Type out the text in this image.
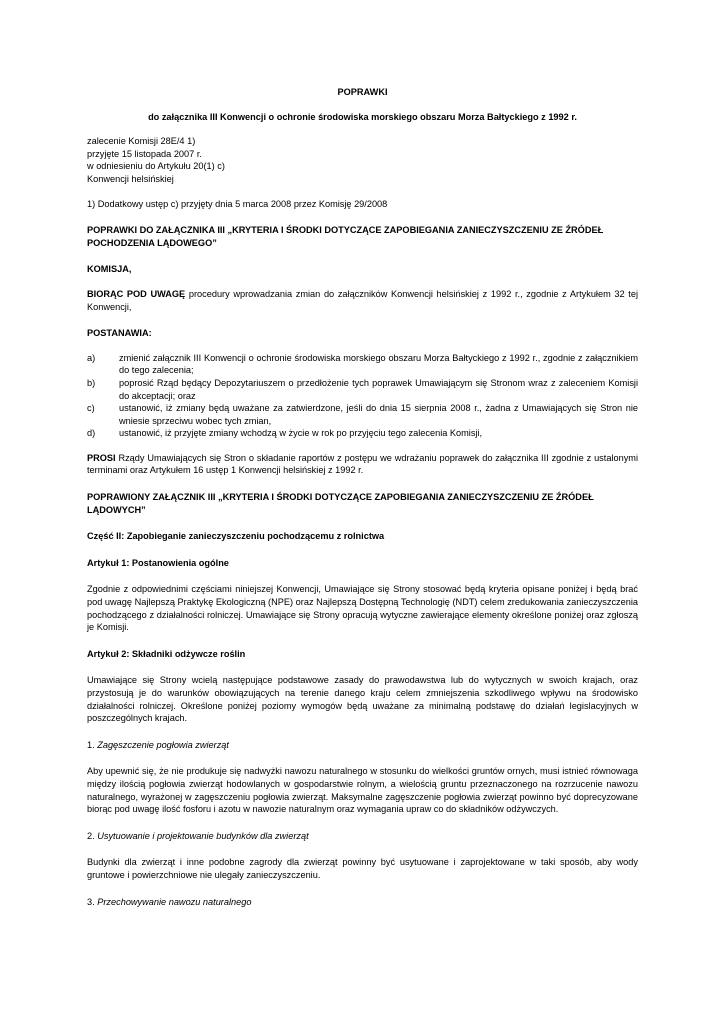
POPRAWKI

do załącznika III Konwencji o ochronie środowiska morskiego obszaru Morza Bałtyckiego z 1992 r.

zalecenie Komisji 28E/4 1)
przyjęte 15 listopada 2007 r.
w odniesieniu do Artykułu 20(1) c)
Konwencji helsińskiej

1) Dodatkowy ustęp c) przyjęty dnia 5 marca 2008 przez Komisję 29/2008

POPRAWKI DO ZAŁĄCZNIKA III „KRYTERIA I ŚRODKI DOTYCZĄCE ZAPOBIEGANIA ZANIECZYSZCZENIU ZE ŹRÓDEŁ POCHODZENIA LĄDOWEGO”

KOMISJA,

BIORĄC POD UWAGĘ procedury wprowadzania zmian do załączników Konwencji helsińskiej z 1992 r., zgodnie z Artykułem 32 tej Konwencji,

POSTANAWIA:

a)	zmienić załącznik III Konwencji o ochronie środowiska morskiego obszaru Morza Bałtyckiego z 1992 r., zgodnie z załącznikiem do tego zalecenia;
b)	poprosić Rząd będący Depozytariuszem o przedłożenie tych poprawek Umawiającym się Stronom wraz z zaleceniem Komisji do akceptacji; oraz
c)	ustanowić, iż zmiany będą uważane za zatwierdzone, jeśli do dnia 15 sierpnia 2008 r., żadna z Umawiających się Stron nie wniesie sprzeciwu wobec tych zmian,
d)	ustanowić, iż przyjęte zmiany wchodzą w życie w rok po przyjęciu tego zalecenia Komisji,

PROSI Rządy Umawiających się Stron o składanie raportów z postępu we wdrażaniu poprawek do załącznika III zgodnie z ustalonymi terminami oraz Artykułem 16 ustęp 1 Konwencji helsińskiej z 1992 r.

POPRAWIONY ZAŁĄCZNIK III „KRYTERIA I ŚRODKI DOTYCZĄCE ZAPOBIEGANIA ZANIECZYSZCZENIU ZE ŹRÓDEŁ LĄDOWYCH”

Część II: Zapobieganie zanieczyszczeniu pochodzącemu z rolnictwa

Artykuł 1: Postanowienia ogólne

Zgodnie z odpowiednimi częściami niniejszej Konwencji, Umawiające się Strony stosować będą kryteria opisane poniżej i będą brać pod uwagę Najlepszą Praktykę Ekologiczną (NPE) oraz Najlepszą Dostępną Technologię (NDT) celem zredukowania zanieczyszczenia pochodzącego z działalności rolniczej. Umawiające się Strony opracują wytyczne zawierające elementy określone poniżej oraz zgłoszą je Komisji.

Artykuł 2: Składniki odżywcze roślin

Umawiające się Strony wcielą następujące podstawowe zasady do prawodawstwa lub do wytycznych w swoich krajach, oraz przystosują je do warunków obowiązujących na terenie danego kraju celem zmniejszenia szkodliwego wpływu na środowisko działalności rolniczej. Określone poniżej poziomy wymogów będą uważane za minimalną podstawę do działań legislacyjnych w poszczególnych krajach.

1. Zagęszczenie pogłowia zwierząt

Aby upewnić się, że nie produkuje się nadwyżki nawozu naturalnego w stosunku do wielkości gruntów ornych, musi istnieć równowaga między ilością pogłowia zwierząt hodowlanych w gospodarstwie rolnym, a wielością gruntu przeznaczonego na rozrzucenie nawozu naturalnego, wyrażonej w zagęszczeniu pogłowia zwierząt. Maksymalne zagęszczenie pogłowia zwierząt powinno być doprecyzowane biorąc pod uwagę ilość fosforu i azotu w nawozie naturalnym oraz wymagania upraw co do składników odżywczych.

2. Usytuowanie i projektowanie budynków dla zwierząt

Budynki dla zwierząt i inne podobne zagrody dla zwierząt powinny być usytuowane i zaprojektowane w taki sposób, aby wody gruntowe i powierzchniowe nie ulegały zanieczyszczeniu.

3. Przechowywanie nawozu naturalnego
